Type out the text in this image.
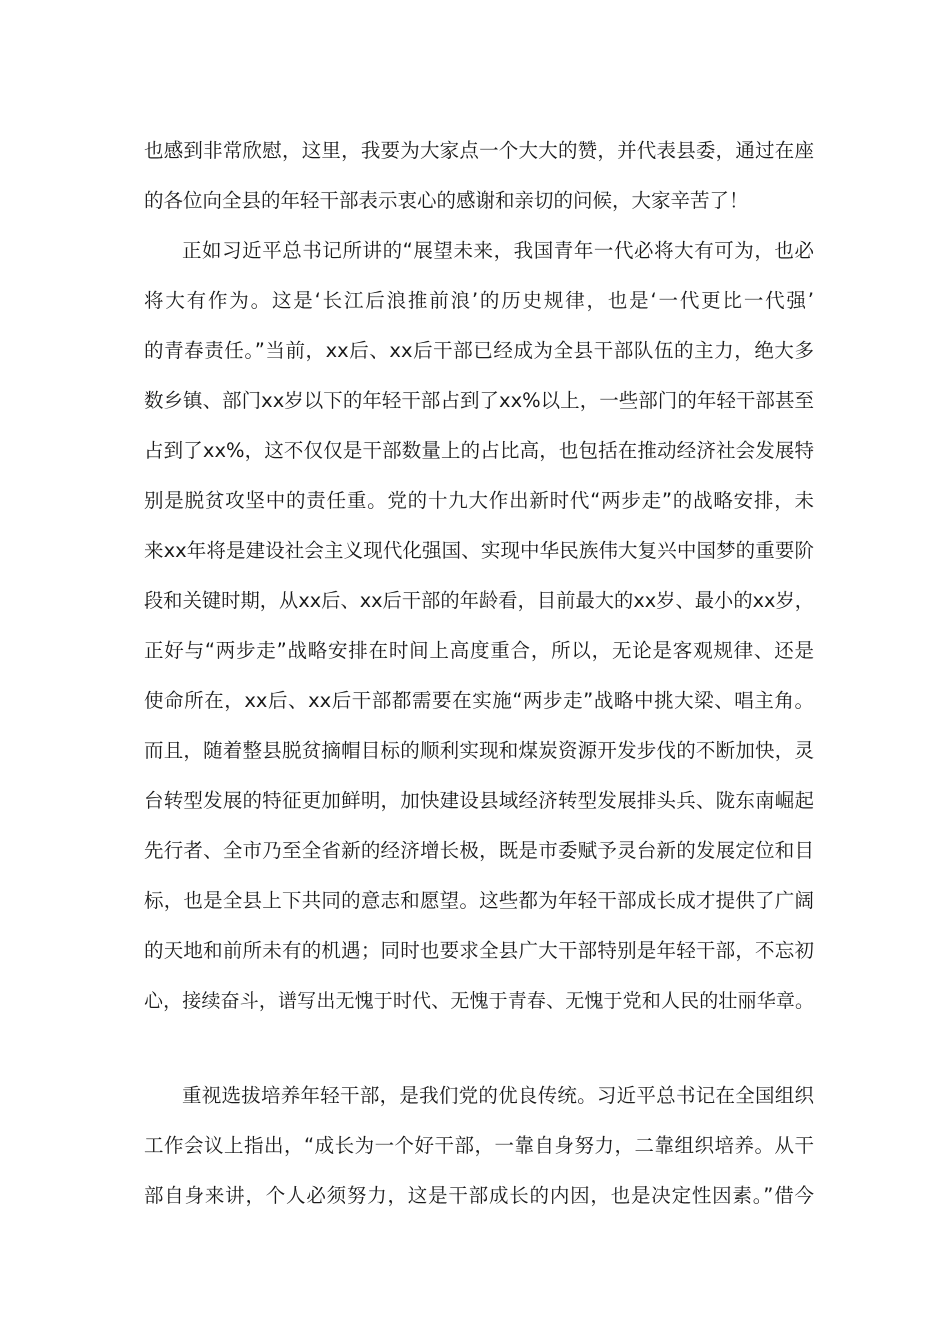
也感到非常欣慰，这里，我要为大家点一个大大的赞，并代表县委，通过在座
的各位向全县的年轻干部表示衷心的感谢和亲切的问候，大家辛苦了！
正如习近平总书记所讲的“展望未来，我国青年一代必将大有可为，也必
将大有作为。这是‘长江后浪推前浪’的历史规律，也是‘一代更比一代强’
的青春责任。”当前，xx后、xx后干部已经成为全县干部队伍的主力，绝大多
数乡镇、部门xx岁以下的年轻干部占到了xx%以上，一些部门的年轻干部甚至
占到了xx%，这不仅仅是干部数量上的占比高，也包括在推动经济社会发展特
别是脱贫攻坚中的责任重。党的十九大作出新时代“两步走”的战略安排，未
来xx年将是建设社会主义现代化强国、实现中华民族伟大复兴中国梦的重要阶
段和关键时期，从xx后、xx后干部的年龄看，目前最大的xx岁、最小的xx岁，
正好与“两步走”战略安排在时间上高度重合，所以，无论是客观规律、还是
使命所在，xx后、xx后干部都需要在实施“两步走”战略中挑大梁、唱主角。
而且，随着整县脱贫摘帽目标的顺利实现和煤炭资源开发步伐的不断加快，灵
台转型发展的特征更加鲜明，加快建设县域经济转型发展排头兵、陇东南崛起
先行者、全市乃至全省新的经济增长极，既是市委赋予灵台新的发展定位和目
标，也是全县上下共同的意志和愿望。这些都为年轻干部成长成才提供了广阔
的天地和前所未有的机遇；同时也要求全县广大干部特别是年轻干部，不忘初
心，接续奋斗，谱写出无愧于时代、无愧于青春、无愧于党和人民的壮丽华章。
重视选拔培养年轻干部，是我们党的优良传统。习近平总书记在全国组织
工作会议上指出，“成长为一个好干部，一靠自身努力，二靠组织培养。从干
部自身来讲，个人必须努力，这是干部成长的内因，也是决定性因素。”借今
